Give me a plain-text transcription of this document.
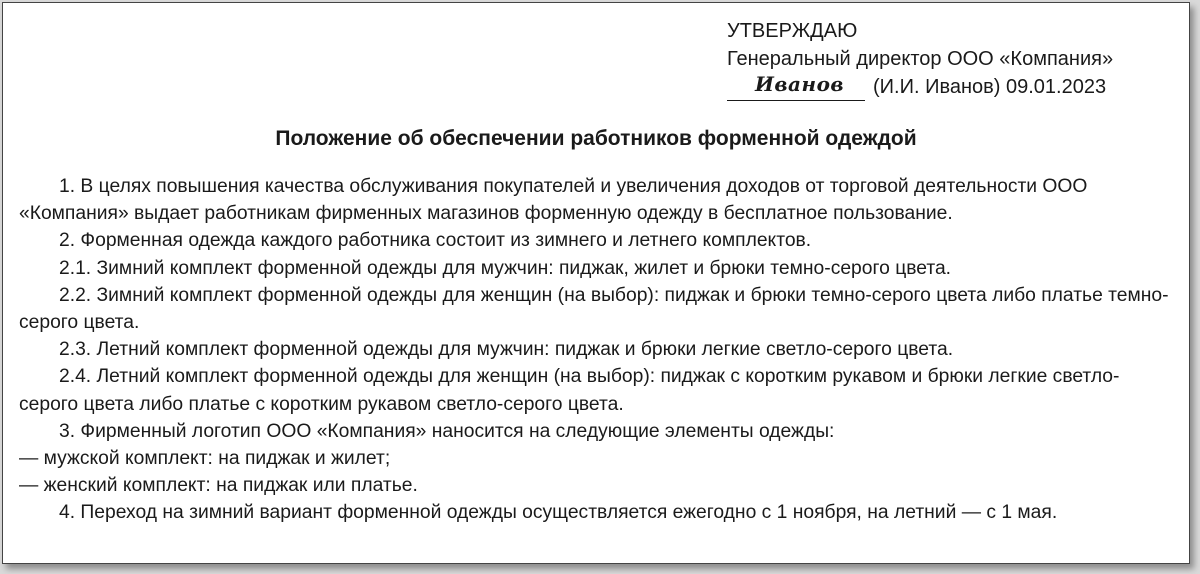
УТВЕРЖДАЮ
Генеральный директор ООО «Компания»
Иванов (И.И. Иванов) 09.01.2023
Положение об обеспечении работников форменной одеждой
1. В целях повышения качества обслуживания покупателей и увеличения доходов от торговой деятельности ООО «Компания» выдает работникам фирменных магазинов форменную одежду в бесплатное пользование.
2. Форменная одежда каждого работника состоит из зимнего и летнего комплектов.
2.1. Зимний комплект форменной одежды для мужчин: пиджак, жилет и брюки темно-серого цвета.
2.2. Зимний комплект форменной одежды для женщин (на выбор): пиджак и брюки темно-серого цвета либо платье темно-серого цвета.
2.3. Летний комплект форменной одежды для мужчин: пиджак и брюки легкие светло-серого цвета.
2.4. Летний комплект форменной одежды для женщин (на выбор): пиджак с коротким рукавом и брюки легкие светло-серого цвета либо платье с коротким рукавом светло-серого цвета.
3. Фирменный логотип ООО «Компания» наносится на следующие элементы одежды:
— мужской комплект: на пиджак и жилет;
— женский комплект: на пиджак или платье.
4. Переход на зимний вариант форменной одежды осуществляется ежегодно с 1 ноября, на летний — с 1 мая.
